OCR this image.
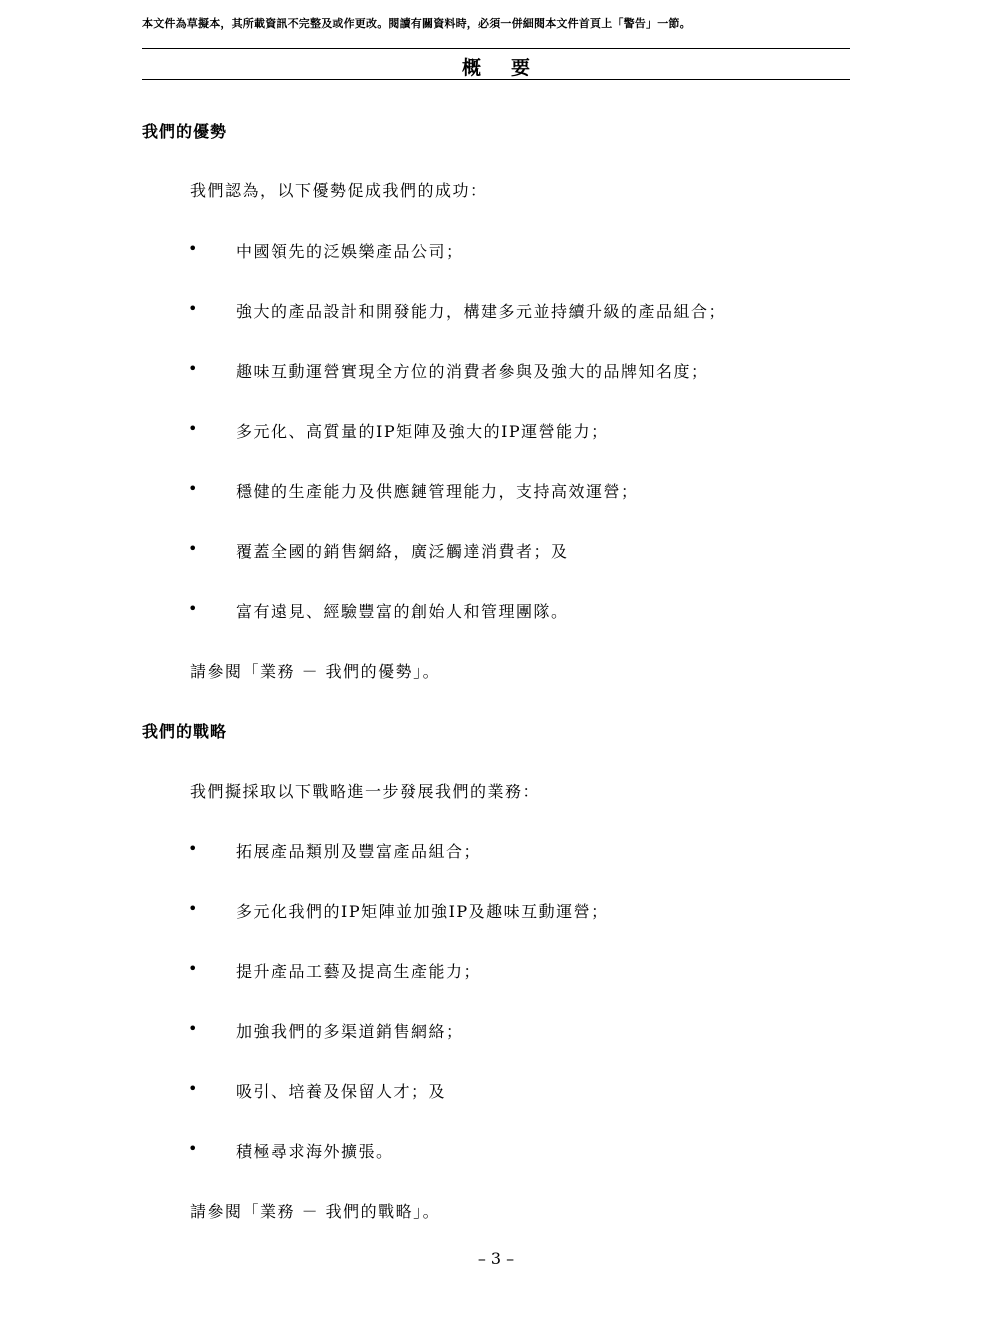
本文件為草擬本，其所載資訊不完整及或作更改。閱讀有關資料時，必須一併細閱本文件首頁上「警告」一節。
概要
我們的優勢
我們認為，以下優勢促成我們的成功：
• 中國領先的泛娛樂產品公司；
• 強大的產品設計和開發能力，構建多元並持續升級的產品組合；
• 趣味互動運營實現全方位的消費者參與及強大的品牌知名度；
• 多元化、高質量的IP矩陣及強大的IP運營能力；
• 穩健的生產能力及供應鏈管理能力，支持高效運營；
• 覆蓋全國的銷售網絡，廣泛觸達消費者；及
• 富有遠見、經驗豐富的創始人和管理團隊。
請參閱「業務 － 我們的優勢」。
我們的戰略
我們擬採取以下戰略進一步發展我們的業務：
• 拓展產品類別及豐富產品組合；
• 多元化我們的IP矩陣並加強IP及趣味互動運營；
• 提升產品工藝及提高生產能力；
• 加強我們的多渠道銷售網絡；
• 吸引、培養及保留人才；及
• 積極尋求海外擴張。
請參閱「業務 － 我們的戰略」。
– 3 –
